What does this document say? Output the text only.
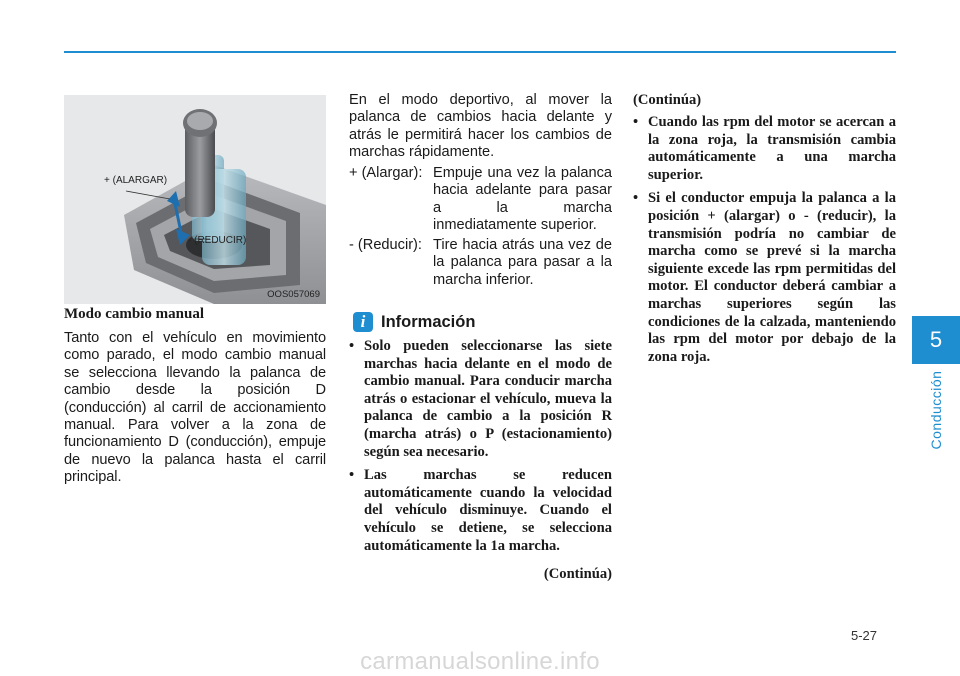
+ (ALARGAR)
- (REDUCIR)
OOS057069
Modo cambio manual
Tanto con el vehículo en movimiento como parado, el modo cambio manual se selecciona llevando la palanca de cambio desde la posición D (conducción) al carril de accionamiento manual. Para volver a la zona de funcionamiento D (conducción), empuje de nuevo la palanca hasta el carril principal.
En el modo deportivo, al mover la palanca de cambios hacia delante y atrás le permitirá hacer los cambios de marchas rápidamente.
+ (Alargar): Empuje una vez la palanca hacia adelante para pasar a la marcha inmediatamente superior.
- (Reducir): Tire hacia atrás una vez de la palanca para pasar a la marcha inferior.
i Información
• Solo pueden seleccionarse las siete marchas hacia delante en el modo de cambio manual. Para conducir marcha atrás o estacionar el vehículo, mueva la palanca de cambio a la posición R (marcha atrás) o P (estacionamiento) según sea necesario.
• Las marchas se reducen automáticamente cuando la velocidad del vehículo disminuye. Cuando el vehículo se detiene, se selecciona automáticamente la 1a marcha.
(Continúa)
(Continúa)
• Cuando las rpm del motor se acercan a la zona roja, la transmisión cambia automáticamente a una marcha superior.
• Si el conductor empuja la palanca a la posición + (alargar) o - (reducir), la transmisión podría no cambiar de marcha como se prevé si la marcha siguiente excede las rpm permitidas del motor. El conductor deberá cambiar a marchas superiores según las condiciones de la calzada, manteniendo las rpm del motor por debajo de la zona roja.
5
Conducción
5-27
carmanualsonline.info
